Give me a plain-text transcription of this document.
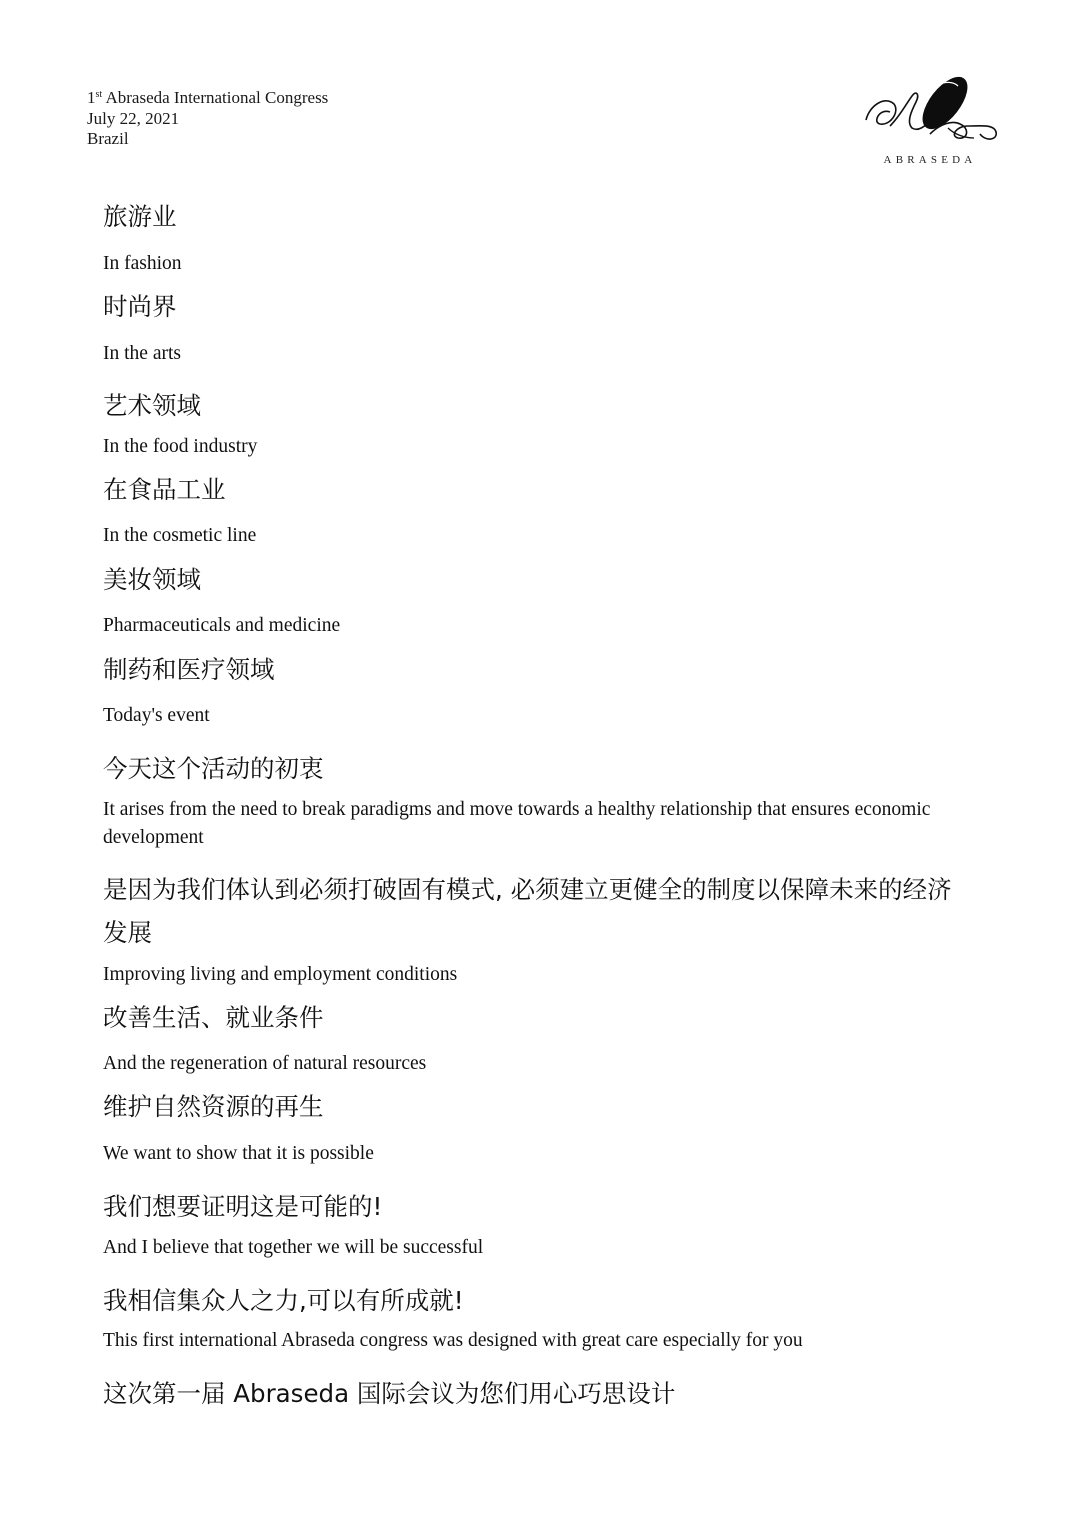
1st Abraseda International Congress
July 22, 2021
Brazil
ABRASEDA

旅游业

In fashion

时尚界

In the arts

艺术领域

In the food industry

在食品工业

In the cosmetic line

美妆领域

Pharmaceuticals and medicine

制药和医疗领域

Today's event

今天这个活动的初衷

It arises from the need to break paradigms and move towards a healthy relationship that ensures economic development

是因为我们体认到必须打破固有模式, 必须建立更健全的制度以保障未来的经济发展

Improving living and employment conditions

改善生活、就业条件

And the regeneration of natural resources

维护自然资源的再生

We want to show that it is possible

我们想要证明这是可能的!

And I believe that together we will be successful

我相信集众人之力,可以有所成就!

This first international Abraseda congress was designed with great care especially for you

这次第一届 Abraseda 国际会议为您们用心巧思设计
